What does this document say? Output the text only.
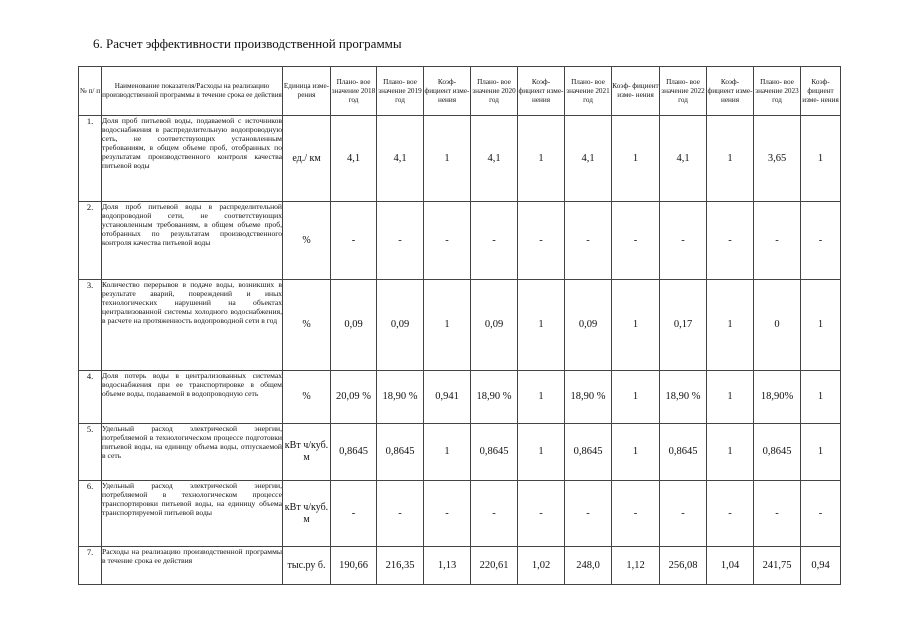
6. Расчет эффективности производственной программы
№ п/ п	Наименование показателя/Расходы на реализацию производственной программы в течение срока ее действия	Единица изме- рения	Плано- вое значение 2018 год	Плано- вое значение 2019 год	Коэф- фициент изме- нения	Плано- вое значение 2020 год	Коэф- фициент изме- нения	Плано- вое значение 2021 год	Коэф- фициент изме- нения	Плано- вое значение 2022 год	Коэф- фициент изме- нения	Плано- вое значение 2023 год	Коэф- фициент изме- нения
1.	Доля проб питьевой воды, подаваемой с источников водоснабжения в распределительную водопроводную сеть, не соответствующих установленным требованиям, в общем объеме проб, отобранных по результатам производственного контроля качества питьевой воды	ед./ км	4,1	4,1	1	4,1	1	4,1	1	4,1	1	3,65	1
2.	Доля проб питьевой воды в распределительной водопроводной сети, не соответствующих установленным требованиям, в общем объеме проб, отобранных по результатам производственного контроля качества питьевой воды	%	-	-	-	-	-	-	-	-	-	-	-
3.	Количество перерывов в подаче воды, возникших в результате аварий, повреждений и иных технологических нарушений на объектах централизованной системы холодного водоснабжения, в расчете на протяженность водопроводной сети в год	%	0,09	0,09	1	0,09	1	0,09	1	0,17	1	0	1
4.	Доля потерь воды в централизованных системах водоснабжения при ее транспортировке в общем объеме воды, подаваемой в водопроводную сеть	%	20,09 %	18,90 %	0,941	18,90 %	1	18,90 %	1	18,90 %	1	18,90%	1
5.	Удельный расход электрической энергии, потребляемой в технологическом процессе подготовки питьевой воды, на единицу объема воды, отпускаемой в сеть	кВт ч/куб. м	0,8645	0,8645	1	0,8645	1	0,8645	1	0,8645	1	0,8645	1
6.	Удельный расход электрической энергии, потребляемой в технологическом процессе транспортировки питьевой воды, на единицу объема транспортируемой питьевой воды	кВт ч/куб. м	-	-	-	-	-	-	-	-	-	-	-
7.	Расходы на реализацию производственной программы в течение срока ее действия	тыс.ру б.	190,66	216,35	1,13	220,61	1,02	248,0	1,12	256,08	1,04	241,75	0,94
